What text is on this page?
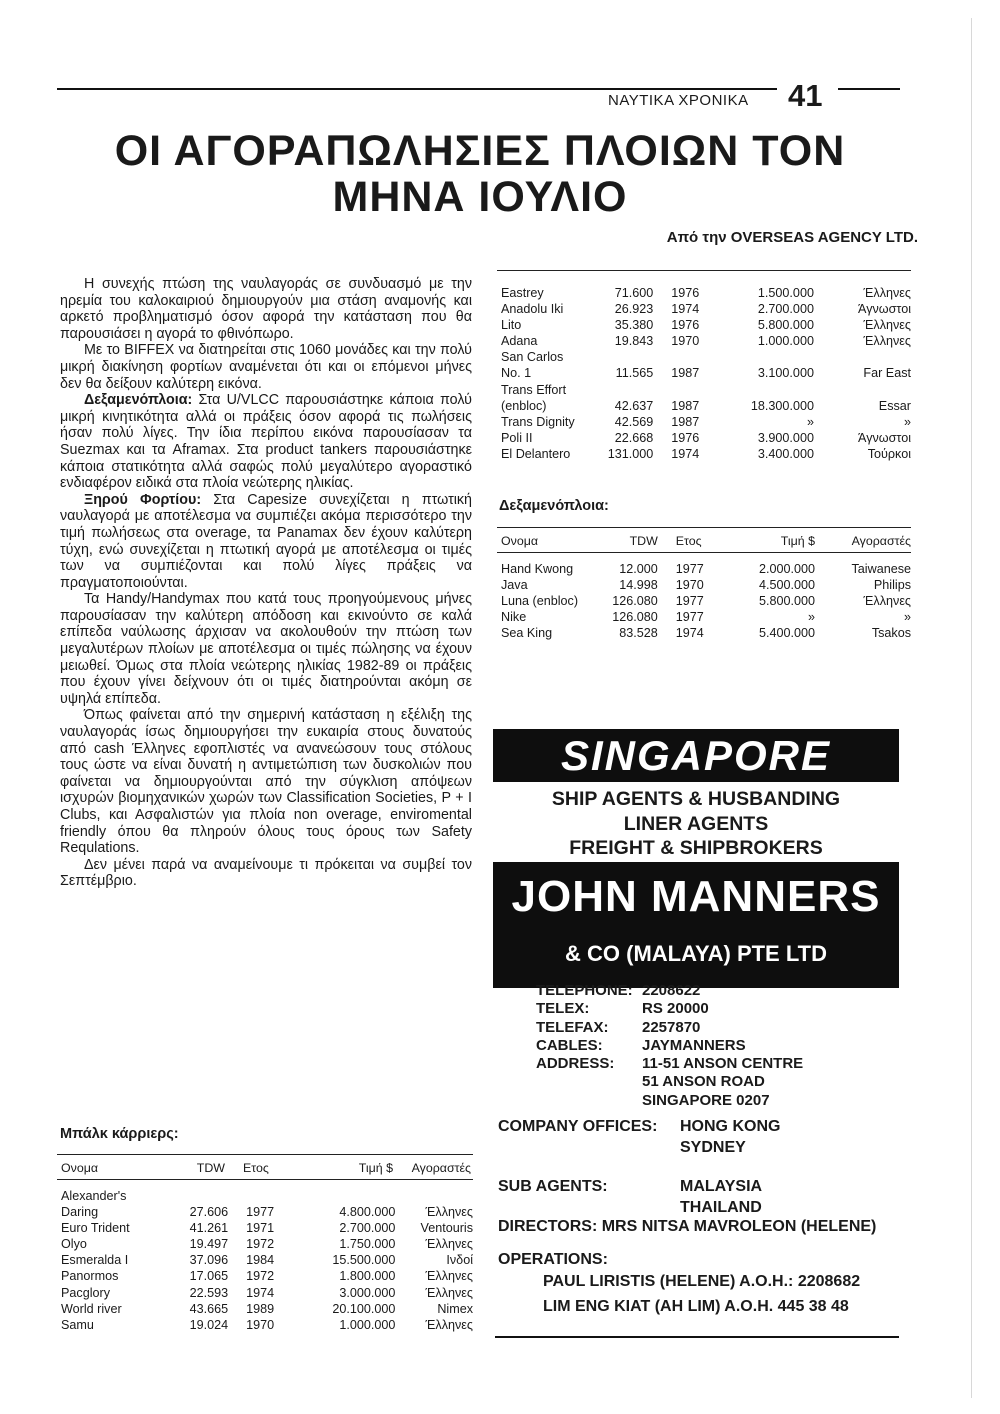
ΝΑΥΤΙΚΑ ΧΡΟΝΙΚΑ 41
ΟΙ ΑΓΟΡΑΠΩΛΗΣΙΕΣ ΠΛΟΙΩΝ ΤΟΝ
ΜΗΝΑ ΙΟΥΛΙΟ
Από την OVERSEAS AGENCY LTD.

Η συνεχής πτώση της ναυλαγοράς σε συνδυασμό με την ηρεμία του καλοκαιριού δημιουργούν μια στάση αναμονής και αρκετό προβληματισμό όσον αφορά την κατάσταση που θα παρουσιάσει η αγορά το φθινόπωρο.

Με το BIFFEX να διατηρείται στις 1060 μονάδες και την πολύ μικρή διακίνηση φορτίων αναμένεται ότι και οι επόμενοι μήνες δεν θα δείξουν καλύτερη εικόνα.

Δεξαμενόπλοια: Στα U/VLCC παρουσιάστηκε κάποια πολύ μικρή κινητικότητα αλλά οι πράξεις όσον αφορά τις πωλήσεις ήσαν πολύ λίγες. Την ίδια περίπου εικόνα παρουσίασαν τα Suezmax και τα Aframax. Στα product tankers παρουσιάστηκε κάποια στατικότητα αλλά σαφώς πολύ μεγαλύτερο αγοραστικό ενδιαφέρον ειδικά στα πλοία νεώτερης ηλικίας.

Ξηρού Φορτίου: Στα Capesize συνεχίζεται η πτωτική ναυλαγορά με αποτέλεσμα να συμπιέζει ακόμα περισσότερο την τιμή πωλήσεως στα overage, τα Panamax δεν έχουν καλύτερη τύχη, ενώ συνεχίζεται η πτωτική αγορά με αποτέλεσμα οι τιμές των να συμπιέζονται και πολύ λίγες πράξεις να πραγματοποιούνται.

Τα Handy/Handymax που κατά τους προηγούμενους μήνες παρουσίασαν την καλύτερη απόδοση και εκινούντο σε καλά επίπεδα ναύλωσης άρχισαν να ακολουθούν την πτώση των μεγαλυτέρων πλοίων με αποτέλεσμα οι τιμές πώλησης να έχουν μειωθεί. Όμως στα πλοία νεώτερης ηλικίας 1982-89 οι πράξεις που έχουν γίνει δείχνουν ότι οι τιμές διατηρούνται ακόμη σε υψηλά επίπεδα.

Όπως φαίνεται από την σημερινή κατάσταση η εξέλιξη της ναυλαγοράς ίσως δημιουργήσει την ευκαιρία στους δυνατούς από cash Έλληνες εφοπλιστές να ανανεώσουν τους στόλους τους ώστε να είναι δυνατή η αντιμετώπιση των δυσκολιών που φαίνεται να δημιουργούνται από την σύγκλιση απόψεων ισχυρών βιομηχανικών χωρών των Classification Societies, P + I Clubs, και Ασφαλιστών για πλοία non overage, enviromental friendly όπου θα πληρούν όλους τους όρους των Safety Requlations.

Δεν μένει παρά να αναμείνουμε τι πρόκειται να συμβεί τον Σεπτέμβριο.

Μπάλκ κάρριερς:
Ονομα	TDW	Ετος	Τιμή $	Αγοραστές
Alexander's
Daring	27.606	1977	4.800.000	Έλληνες
Euro Trident	41.261	1971	2.700.000	Ventouris
Olyo	19.497	1972	1.750.000	Έλληνες
Esmeralda I	37.096	1984	15.500.000	Ινδοί
Panormos	17.065	1972	1.800.000	Έλληνες
Pacglory	22.593	1974	3.000.000	Έλληνες
World river	43.665	1989	20.100.000	Nimex
Samu	19.024	1970	1.000.000	Έλληνες
Eastrey	71.600	1976	1.500.000	Έλληνες
Anadolu Iki	26.923	1974	2.700.000	Άγνωστοι
Lito	35.380	1976	5.800.000	Έλληνες
Adana	19.843	1970	1.000.000	Έλληνες
San Carlos
No. 1	11.565	1987	3.100.000	Far East
Trans Effort
(enbloc)	42.637	1987	18.300.000	Essar
Trans Dignity	42.569	1987	»	»
Poli II	22.668	1976	3.900.000	Άγνωστοι
El Delantero	131.000	1974	3.400.000	Τούρκοι
Δεξαμενόπλοια:
Ονομα	TDW	Ετος	Τιμή $	Αγοραστές
Hand Kwong	12.000	1977	2.000.000	Taiwanese
Java	14.998	1970	4.500.000	Philips
Luna (enbloc)	126.080	1977	5.800.000	Έλληνες
Nike	126.080	1977	»	»
Sea King	83.528	1974	5.400.000	Tsakos
SINGAPORE
SHIP AGENTS & HUSBANDING
LINER AGENTS
FREIGHT & SHIPBROKERS
JOHN MANNERS
& CO (MALAYA) PTE LTD
TELEPHONE: 2208622
TELEX:	RS 20000
TELEFAX:	2257870
CABLES:	JAYMANNERS
ADDRESS:	11-51 ANSON CENTRE
51 ANSON ROAD
SINGAPORE 0207
COMPANY OFFICES: HONG KONG
SYDNEY
SUB AGENTS:	MALAYSIA
THAILAND
DIRECTORS: MRS NITSA MAVROLEON (HELENE)
OPERATIONS:
PAUL LIRISTIS (HELENE) A.O.H.: 2208682
LIM ENG KIAT (AH LIM) A.O.H. 445 38 48
